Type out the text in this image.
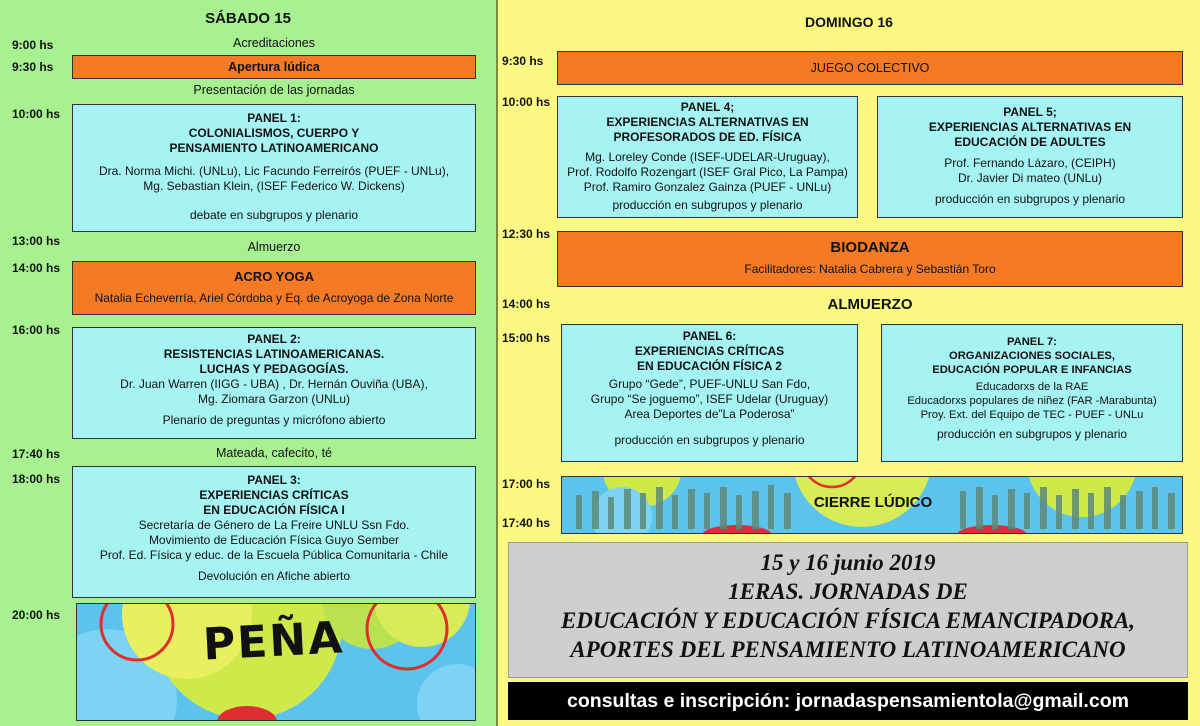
SÁBADO 15
9:00 hs
9:30 hs
10:00 hs
13:00 hs
14:00 hs
16:00 hs
17:40 hs
18:00 hs
20:00 hs
Acreditaciones
Apertura lúdica
Presentación de las jornadas
PANEL 1:
COLONIALISMOS, CUERPO Y
PENSAMIENTO LATINOAMERICANO
Dra. Norma Michi. (UNLu), Lic Facundo Ferreirós (PUEF - UNLu),
Mg. Sebastian Klein, (ISEF Federico W. Dickens)
debate en subgrupos y plenario
Almuerzo
ACRO YOGA
Natalia Echeverría, Ariel Córdoba y Eq. de Acroyoga de Zona Norte
PANEL 2:
RESISTENCIAS LATINOAMERICANAS.
LUCHAS Y PEDAGOGÍAS.
Dr. Juan Warren (IIGG - UBA) , Dr. Hernán Ouviña (UBA),
Mg. Ziomara Garzon (UNLu)
Plenario de preguntas y micrófono abierto
Mateada, cafecito, té
PANEL 3:
EXPERIENCIAS CRÍTICAS
EN EDUCACIÓN FÍSICA I
Secretaría de Género de La Freire UNLU Ssn Fdo.
Movimiento de Educación Física Guyo Sember
Prof. Ed. Física y educ. de la Escuela Pública Comunitaria - Chile
Devolución en Afiche abierto
PEÑA
DOMINGO 16
9:30 hs
10:00 hs
12:30 hs
14:00 hs
15:00 hs
17:00 hs
17:40 hs
JUEGO COLECTIVO
PANEL 4;
EXPERIENCIAS ALTERNATIVAS EN
PROFESORADOS DE ED. FÍSICA
Mg. Loreley Conde (ISEF-UDELAR-Uruguay),
Prof. Rodolfo Rozengart (ISEF Gral Pico, La Pampa)
Prof. Ramiro Gonzalez Gainza (PUEF - UNLu)
producción en subgrupos y plenario
PANEL 5;
EXPERIENCIAS ALTERNATIVAS EN
EDUCACIÓN DE ADULTES
Prof. Fernando Lázaro, (CEIPH)
Dr. Javier Di mateo (UNLu)
producción en subgrupos y plenario
BIODANZA
Facilitadores: Natalia Cabrera y Sebastián Toro
ALMUERZO
PANEL 6:
EXPERIENCIAS CRÍTICAS
EN EDUCACIÓN FÍSICA 2
Grupo “Gede”, PUEF-UNLU San Fdo,
Grupo “Se joguemo”, ISEF Udelar (Uruguay)
Area Deportes de”La Poderosa”
producción en subgrupos y plenario
PANEL 7:
ORGANIZACIONES SOCIALES,
EDUCACIÓN POPULAR E INFANCIAS
Educadorxs de la RAE
Educadorxs populares de niñez (FAR -Marabunta)
Proy. Ext. del Equipo de TEC - PUEF - UNLu
producción en subgrupos y plenario
CIERRE LÚDICO
15 y 16 junio 2019
1ERAS. JORNADAS DE
EDUCACIÓN Y EDUCACIÓN FÍSICA EMANCIPADORA,
APORTES DEL PENSAMIENTO LATINOAMERICANO
consultas e inscripción: jornadaspensamientola@gmail.com
